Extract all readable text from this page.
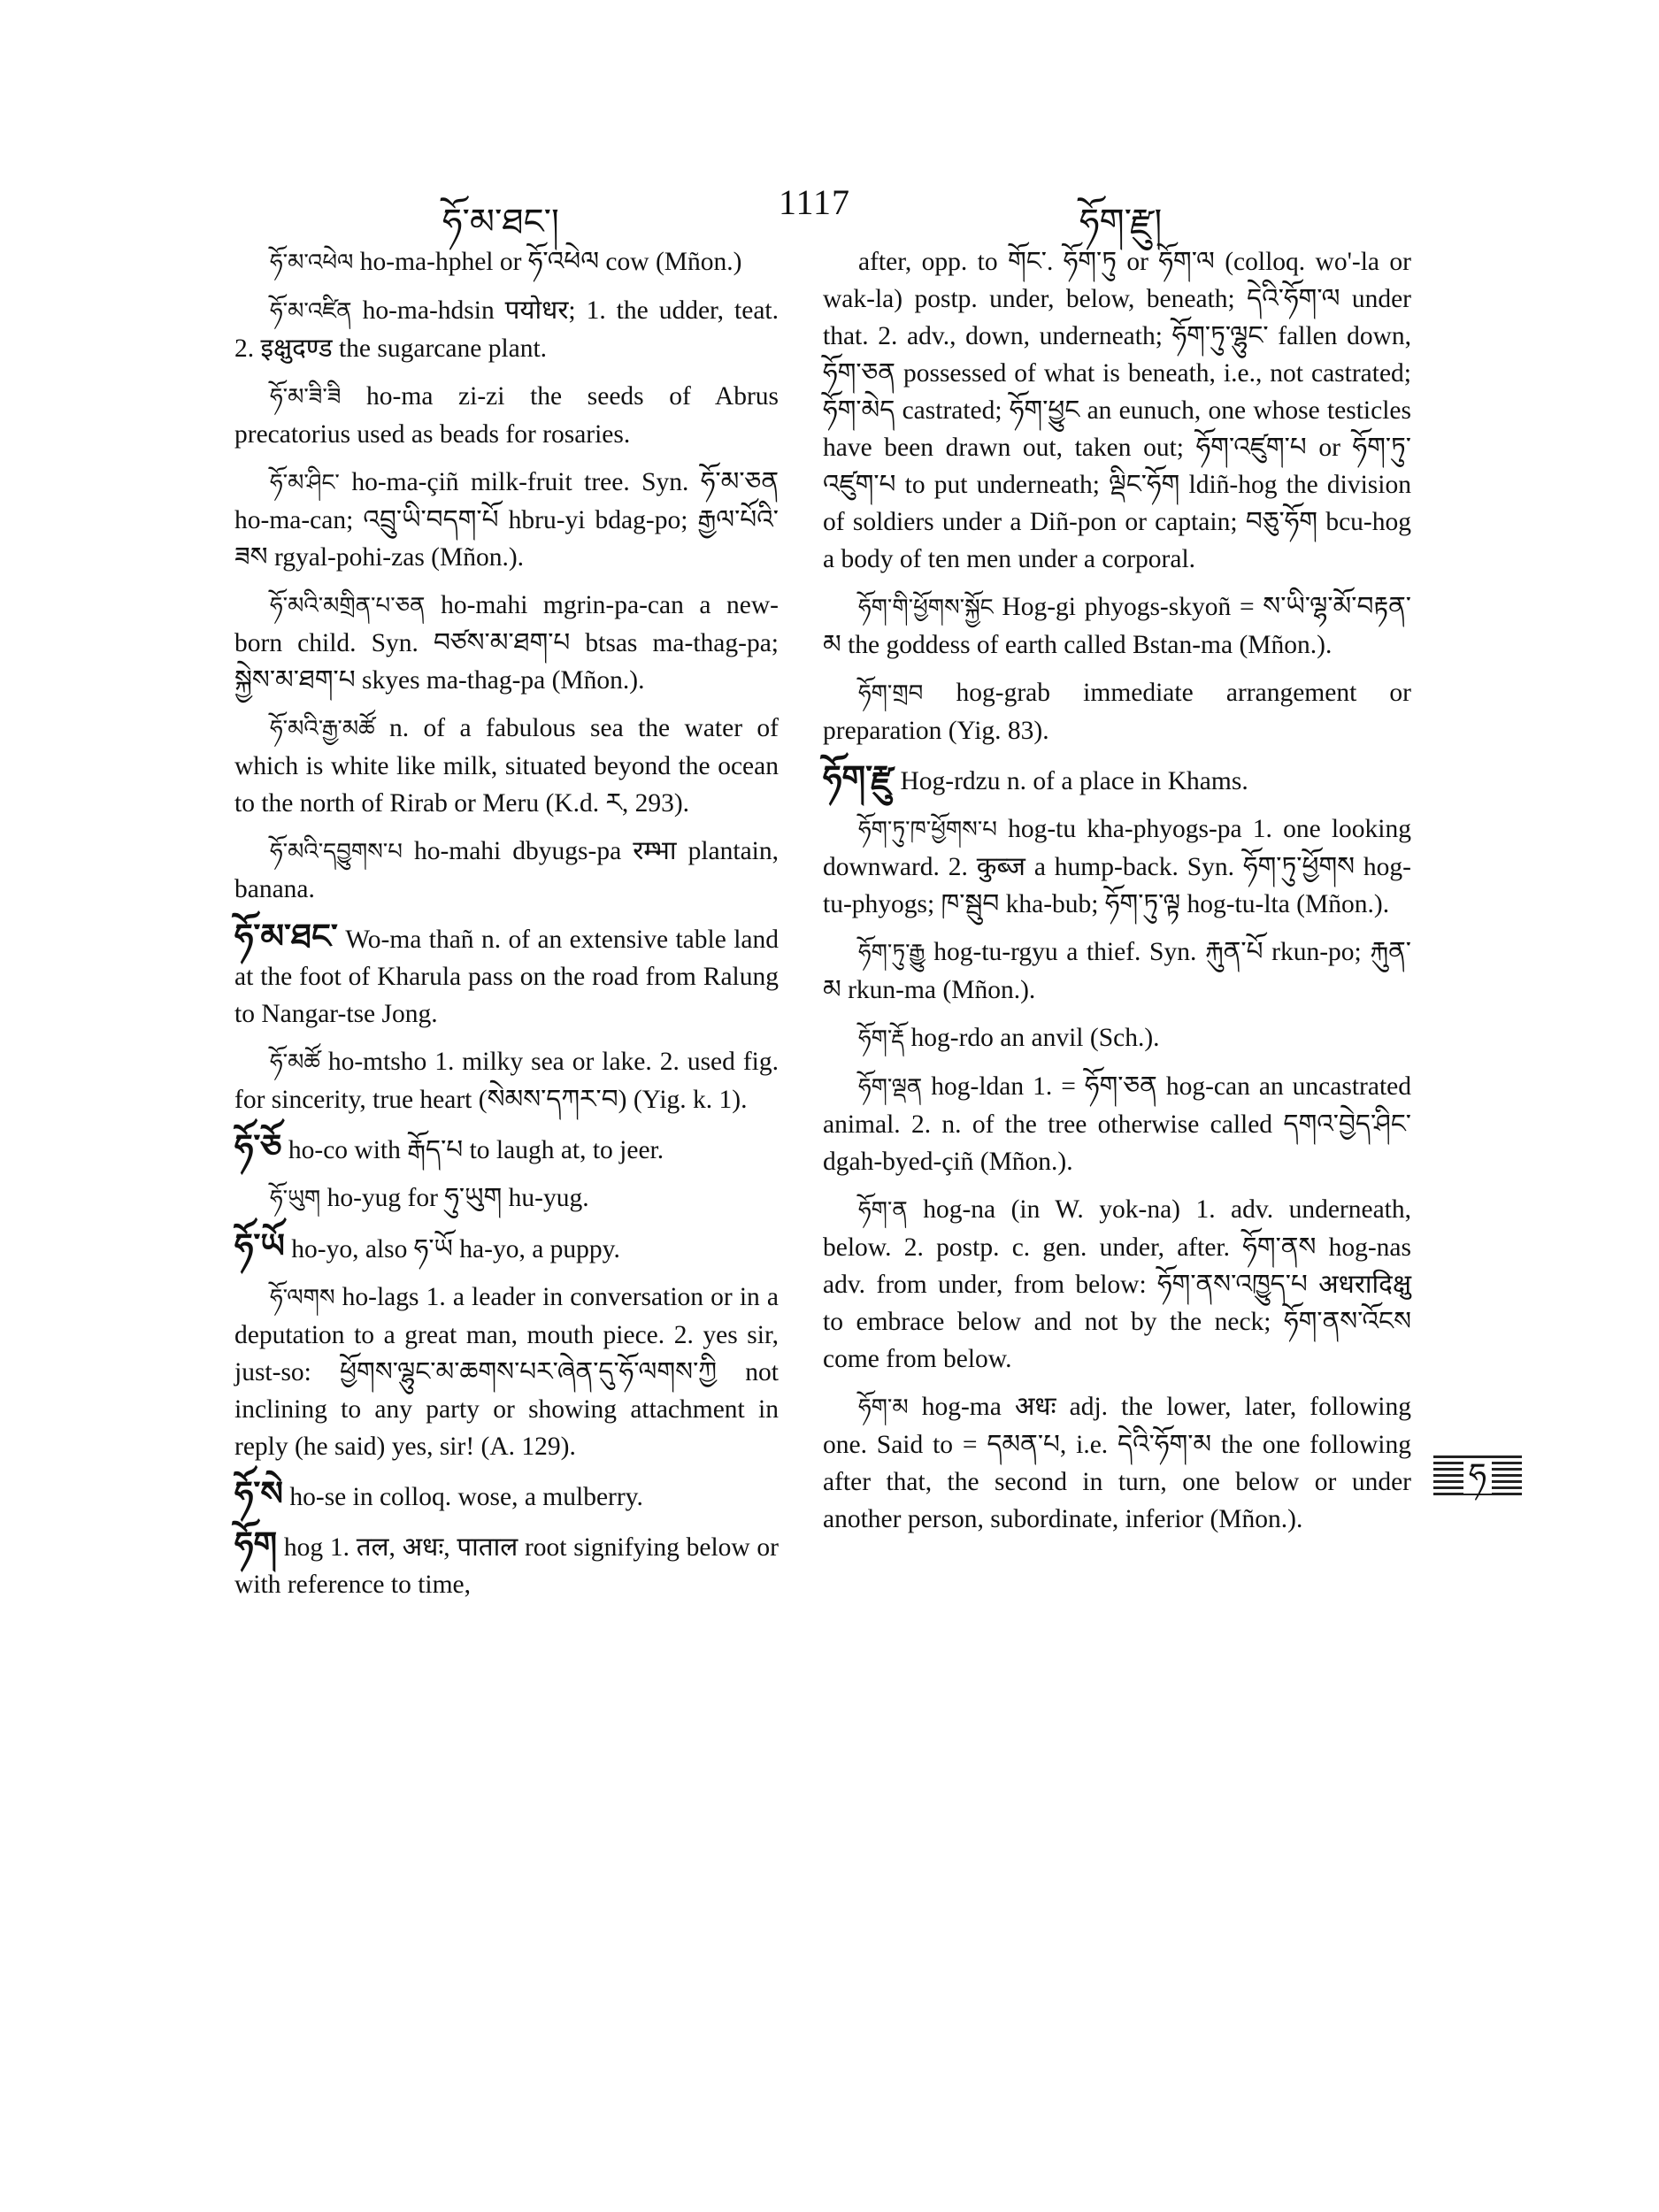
ཧོ་མ་ཐང་།	1117	ཧོག་རྫུ།

ཧོ་མ་འཕེལ ho-ma-hphel or ཧོ་འཕེལ cow (Mñon.)

ཧོ་མ་འཛིན ho-ma-hdsin पयोधर; 1. the udder, teat. 2. इक्षुदण्ड the sugarcane plant.

ཧོ་མ་ཟི་ཟི ho-ma zi-zi the seeds of Abrus precatorius used as beads for rosaries.

ཧོ་མ་ཤིང་ ho-ma-çiñ milk-fruit tree. Syn. ཧོ་མ་ཅན ho-ma-can; འབྲུ་ཡི་བདག་པོ hbru-yi bdag-po; རྒྱལ་པོའི་ཟས rgyal-pohi-zas (Mñon.).

ཧོ་མའི་མགྲིན་པ་ཅན ho-mahi mgrin-pa-can a new-born child. Syn. བཙས་མ་ཐག་པ btsas ma-thag-pa; སྐྱེས་མ་ཐག་པ skyes ma-thag-pa (Mñon.).

ཧོ་མའི་རྒྱ་མཚོ n. of a fabulous sea the water of which is white like milk, situated beyond the ocean to the north of Rirab or Meru (K.d. ར, 293).

ཧོ་མའི་དབྱུགས་པ ho-mahi dbyugs-pa रम्भा plantain, banana.

ཧོ་མ་ཐང་ Wo-ma thañ n. of an extensive table land at the foot of Kharula pass on the road from Ralung to Nangar-tse Jong.

ཧོ་མཚོ ho-mtsho 1. milky sea or lake. 2. used fig. for sincerity, true heart (སེམས་དཀར་བ) (Yig. k. 1).

ཧོ་ཅོ ho-co with རྒོད་པ to laugh at, to jeer.

ཧོ་ཡུག ho-yug for ཧུ་ཡུག hu-yug.

ཧོ་ཡོ ho-yo, also ཧ་ཡོ ha-yo, a puppy.

ཧོ་ལགས ho-lags 1. a leader in conversation or in a deputation to a great man, mouth piece. 2. yes sir, just-so: ཕྱོགས་ལྷུང་མ་ཆགས་པར་ཞེན་དུ་ཧོ་ལགས་ཀྱི not inclining to any party or showing attachment in reply (he said) yes, sir! (A. 129).

ཧོ་སེ ho-se in colloq. wose, a mulberry.

ཧོག hog 1. तल, अधः, पाताल root signifying below or with reference to time,

after, opp. to གོང་. ཧོག་ཏུ or ཧོག་ལ (colloq. wo'-la or wak-la) postp. under, below, beneath; དེའི་ཧོག་ལ under that. 2. adv., down, underneath; ཧོག་ཏུ་ལྷུང་ fallen down, ཧོག་ཅན possessed of what is beneath, i.e., not castrated; ཧོག་མེད castrated; ཧོག་ཕྱུང an eunuch, one whose testicles have been drawn out, taken out; ཧོག་འཛུག་པ or ཧོག་ཏུ་འཛུག་པ to put underneath; ལྡིང་ཧོག ldiñ-hog the division of soldiers under a Diñ-pon or captain; བཅུ་ཧོག bcu-hog a body of ten men under a corporal.

ཧོག་གི་ཕྱོགས་སྐྱོང Hog-gi phyogs-skyoñ = ས་ཡི་ལྷ་མོ་བརྟན་མ the goddess of earth called Bstan-ma (Mñon.).

ཧོག་གྲབ hog-grab immediate arrangement or preparation (Yig. 83).

ཧོག་རྫུ Hog-rdzu n. of a place in Khams.

ཧོག་ཏུ་ཁ་ཕྱོགས་པ hog-tu kha-phyogs-pa 1. one looking downward. 2. कुब्ज a hump-back. Syn. ཧོག་ཏུ་ཕྱོགས hog-tu-phyogs; ཁ་སྦུབ kha-bub; ཧོག་ཏུ་ལྟ hog-tu-lta (Mñon.).

ཧོག་ཏུ་རྒྱུ hog-tu-rgyu a thief. Syn. རྐུན་པོ rkun-po; རྐུན་མ rkun-ma (Mñon.).

ཧོག་རྡོ hog-rdo an anvil (Sch.).

ཧོག་ལྡན hog-ldan 1. = ཧོག་ཅན hog-can an uncastrated animal. 2. n. of the tree otherwise called དགའ་བྱེད་ཤིང་ dgah-byed-çiñ (Mñon.).

ཧོག་ན hog-na (in W. yok-na) 1. adv. underneath, below. 2. postp. c. gen. under, after. ཧོག་ནས hog-nas adv. from under, from below: ཧོག་ནས་འཁྱུད་པ अधरादिक्षु to embrace below and not by the neck; ཧོག་ནས་འོངས come from below.

ཧོག་མ hog-ma अधः adj. the lower, later, following one. Said to = དམན་པ, i.e. དེའི་ཧོག་མ the one following after that, the second in turn, one below or under another person, subordinate, inferior (Mñon.).

ཧ
